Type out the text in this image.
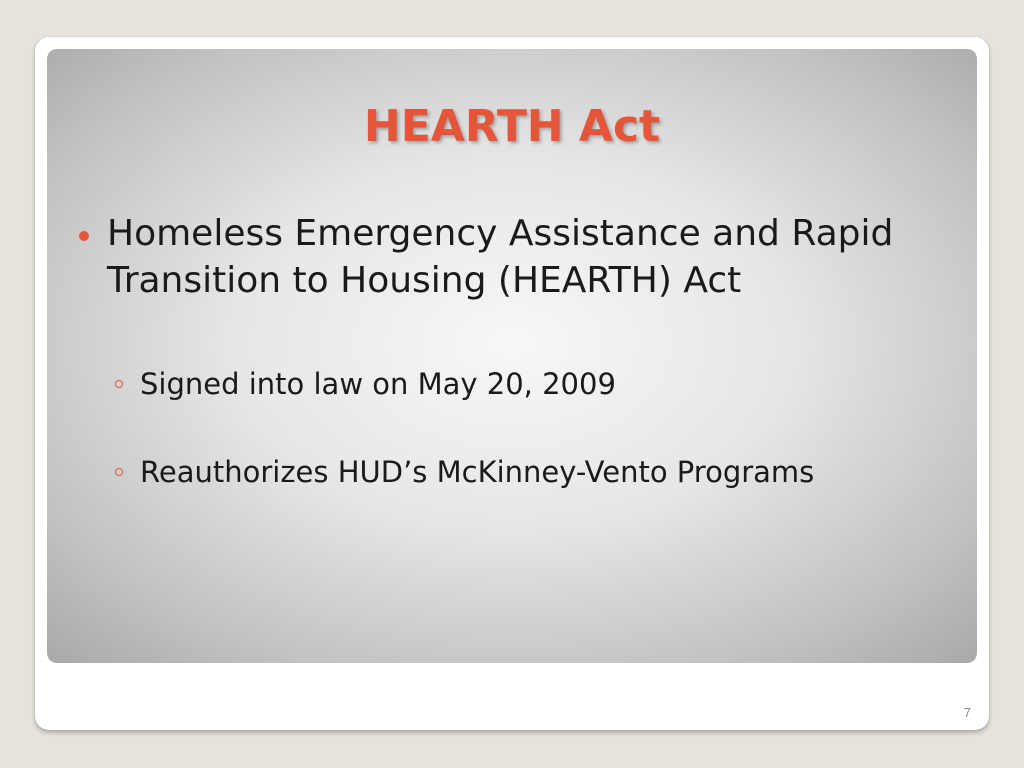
HEARTH Act
Homeless Emergency Assistance and Rapid Transition to Housing (HEARTH) Act
Signed into law on May 20, 2009
Reauthorizes HUD’s McKinney-Vento Programs
7
